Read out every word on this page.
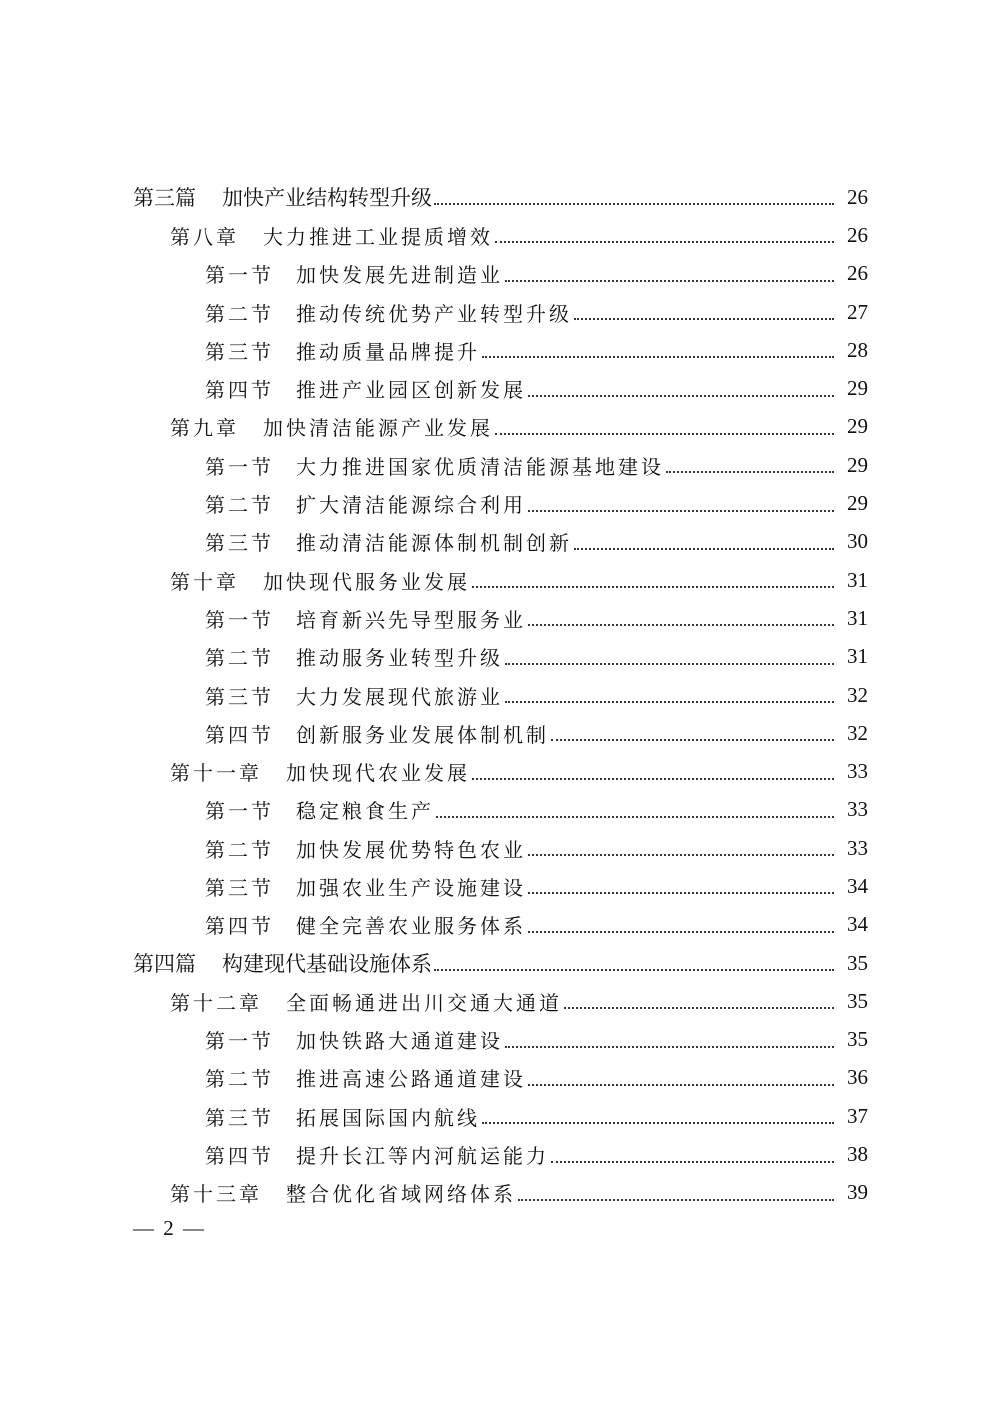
第三篇 加快产业结构转型升级	26
第八章 大力推进工业提质增效	26
第一节 加快发展先进制造业	26
第二节 推动传统优势产业转型升级	27
第三节 推动质量品牌提升	28
第四节 推进产业园区创新发展	29
第九章 加快清洁能源产业发展	29
第一节 大力推进国家优质清洁能源基地建设	29
第二节 扩大清洁能源综合利用	29
第三节 推动清洁能源体制机制创新	30
第十章 加快现代服务业发展	31
第一节 培育新兴先导型服务业	31
第二节 推动服务业转型升级	31
第三节 大力发展现代旅游业	32
第四节 创新服务业发展体制机制	32
第十一章 加快现代农业发展	33
第一节 稳定粮食生产	33
第二节 加快发展优势特色农业	33
第三节 加强农业生产设施建设	34
第四节 健全完善农业服务体系	34
第四篇 构建现代基础设施体系	35
第十二章 全面畅通进出川交通大通道	35
第一节 加快铁路大通道建设	35
第二节 推进高速公路通道建设	36
第三节 拓展国际国内航线	37
第四节 提升长江等内河航运能力	38
第十三章 整合优化省域网络体系	39
— 2 —
